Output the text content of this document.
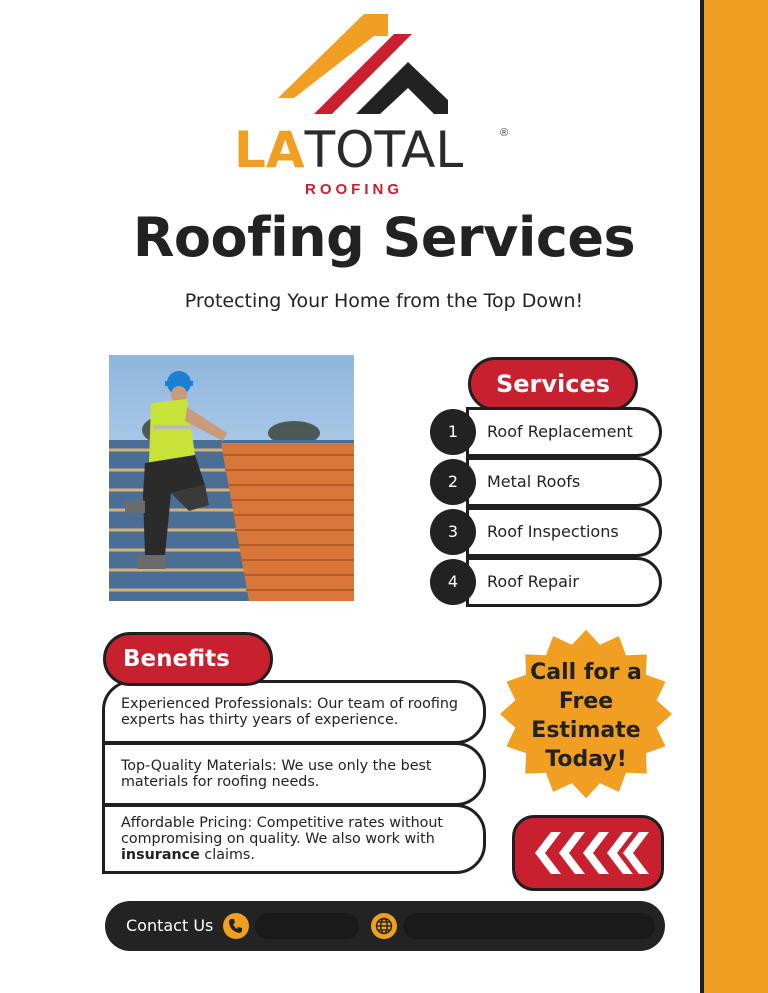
LATOTAL	®
ROOFING
Roofing Services
Protecting Your Home from the Top Down!
Services
Roof Replacement
1
Metal Roofs
2
Roof Inspections
3
Roof Repair
4
Experienced Professionals: Our team of roofing experts has thirty years of experience.
Top-Quality Materials: We use only the best materials for roofing needs.
Affordable Pricing: Competitive rates without compromising on quality. We also work with insurance claims.
Benefits
Call for a
Free
Estimate
Today!
Contact Us
